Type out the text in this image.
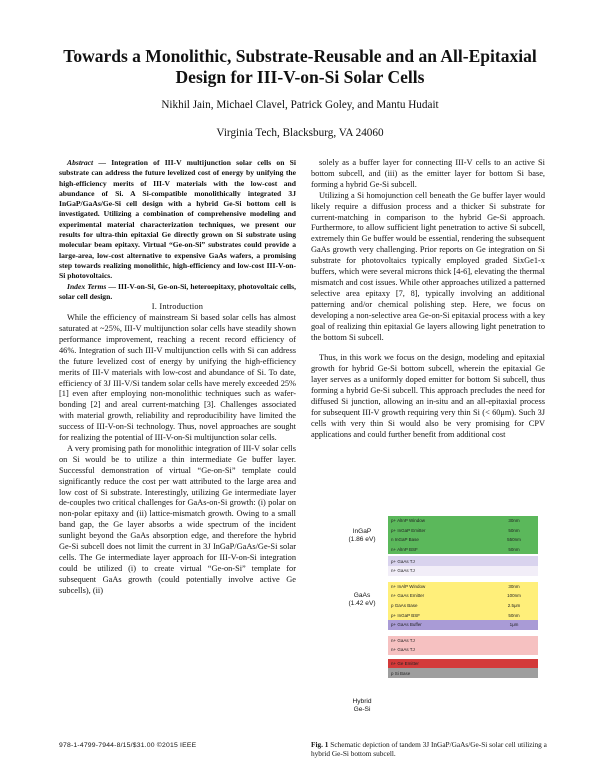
Towards a Monolithic, Substrate-Reusable and an All-Epitaxial Design for III-V-on-Si Solar Cells
Nikhil Jain, Michael Clavel, Patrick Goley, and Mantu Hudait
Virginia Tech, Blacksburg, VA 24060

Abstract — Integration of III-V multijunction solar cells on Si substrate can address the future levelized cost of energy by unifying the high-efficiency merits of III-V materials with the low-cost and abundance of Si. A Si-compatible monolithically integrated 3J InGaP/GaAs/Ge-Si cell design with a hybrid Ge-Si bottom cell is investigated. Utilizing a combination of comprehensive modeling and experimental material characterization techniques, we present our results for ultra-thin epitaxial Ge directly grown on Si substrate using molecular beam epitaxy. Virtual “Ge-on-Si” substrates could provide a large-area, low-cost alternative to expensive GaAs wafers, a promising step towards realizing monolithic, high-efficiency and low-cost III-V-on-Si photovoltaics.

Index Terms — III-V-on-Si, Ge-on-Si, heteroepitaxy, photovoltaic cells, solar cell design.

I. Introduction

While the efficiency of mainstream Si based solar cells has almost saturated at ~25%, III-V multijunction solar cells have steadily shown performance improvement, reaching a recent record efficiency of 46%. Integration of such III-V multijunction cells with Si can address the future levelized cost of energy by unifying the high-efficiency merits of III-V materials with low-cost and abundance of Si. To date, efficiency of 3J III-V/Si tandem solar cells have merely exceeded 25% [1] even after employing non-monolithic techniques such as wafer-bonding [2] and areal current-matching [3]. Challenges associated with material growth, reliability and reproducibility have limited the success of III-V-on-Si technology. Thus, novel approaches are sought for realizing the potential of III-V-on-Si multijunction solar cells.

A very promising path for monolithic integration of III-V solar cells on Si would be to utilize a thin intermediate Ge buffer layer. Successful demonstration of virtual “Ge-on-Si” template could significantly reduce the cost per watt attributed to the large area and low cost of Si substrate. Interestingly, utilizing Ge intermediate layer de-couples two critical challenges for GaAs-on-Si growth: (i) polar on non-polar epitaxy and (ii) lattice-mismatch growth. Owing to a small band gap, the Ge layer absorbs a wide spectrum of the incident sunlight beyond the GaAs absorption edge, and therefore the hybrid Ge-Si subcell does not limit the current in 3J InGaP/GaAs/Ge-Si solar cells. The Ge intermediate layer approach for III-V-on-Si integration could be utilized (i) to create virtual “Ge-on-Si” template for subsequent GaAs growth (could potentially involve active Ge subcells), (ii)

solely as a buffer layer for connecting III-V cells to an active Si bottom subcell, and (iii) as the emitter layer for bottom Si base, forming a hybrid Ge-Si subcell.

Utilizing a Si homojunction cell beneath the Ge buffer layer would likely require a diffusion process and a thicker Si substrate for current-matching in comparison to the hybrid Ge-Si approach. Furthermore, to allow sufficient light penetration to active Si subcell, extremely thin Ge buffer would be essential, rendering the subsequent GaAs growth very challenging. Prior reports on Ge integration on Si substrate for photovoltaics typically employed graded SixGe1-x buffers, which were several microns thick [4-6], elevating the thermal mismatch and cost issues. While other approaches utilized a patterned selective area epitaxy [7, 8], typically involving an additional patterning and/or chemical polishing step. Here, we focus on developing a non-selective area Ge-on-Si epitaxial process with a key goal of realizing thin epitaxial Ge layers allowing light penetration to the bottom Si subcell.

Thus, in this work we focus on the design, modeling and epitaxial growth for hybrid Ge-Si bottom subcell, wherein the epitaxial Ge layer serves as a uniformly doped emitter for bottom Si subcell, thus forming a hybrid Ge-Si subcell. This approach precludes the need for diffused Si junction, allowing an in-situ and an all-epitaxial process for subsequent III-V growth requiring very thin Si (< 60μm). Such 3J cells with very thin Si would also be very promising for CPV applications and could further benefit from additional cost

InGaP
(1.86 eV)
GaAs
(1.42 eV)
Hybrid
Ge-Si
p+ AlInP Window	30nm
p+ InGaP Emitter	50nm
n InGaP Base	550nm
n+ AlInP BSF	50nm
p+ GaAs TJ
n+ GaAs TJ
n+ InAlP Window	30nm
n+ GaAs Emitter	100nm
p GaAs Base	2.5μm
p+ InGaP BSF	50nm
p+ GaAs Buffer	1μm
n+ GaAs TJ
n+ GaAs TJ
n+ Ge Emitter
p Si Base
Fig. 1 Schematic depiction of tandem 3J InGaP/GaAs/Ge-Si solar cell utilizing a hybrid Ge-Si bottom subcell.
978-1-4799-7944-8/15/$31.00 ©2015 IEEE
